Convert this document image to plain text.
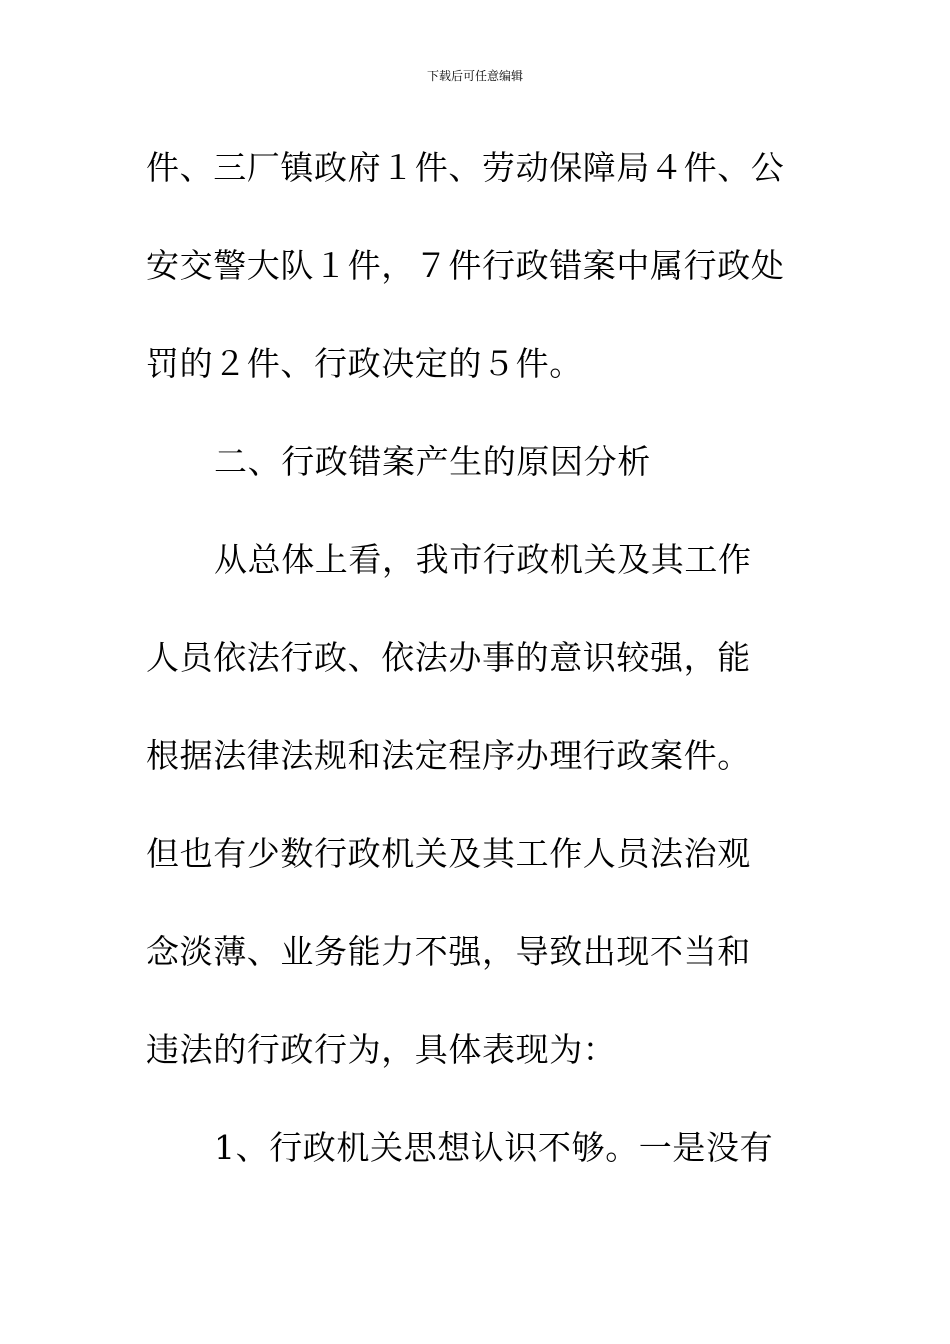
下载后可任意编辑
件、三厂镇政府１件、劳动保障局４件、公
安交警大队１件，７件行政错案中属行政处
罚的２件、行政决定的５件。
二、行政错案产生的原因分析
从总体上看，我市行政机关及其工作
人员依法行政、依法办事的意识较强，能
根据法律法规和法定程序办理行政案件。
但也有少数行政机关及其工作人员法治观
念淡薄、业务能力不强，导致出现不当和
违法的行政行为，具体表现为：
1、行政机关思想认识不够。一是没有
